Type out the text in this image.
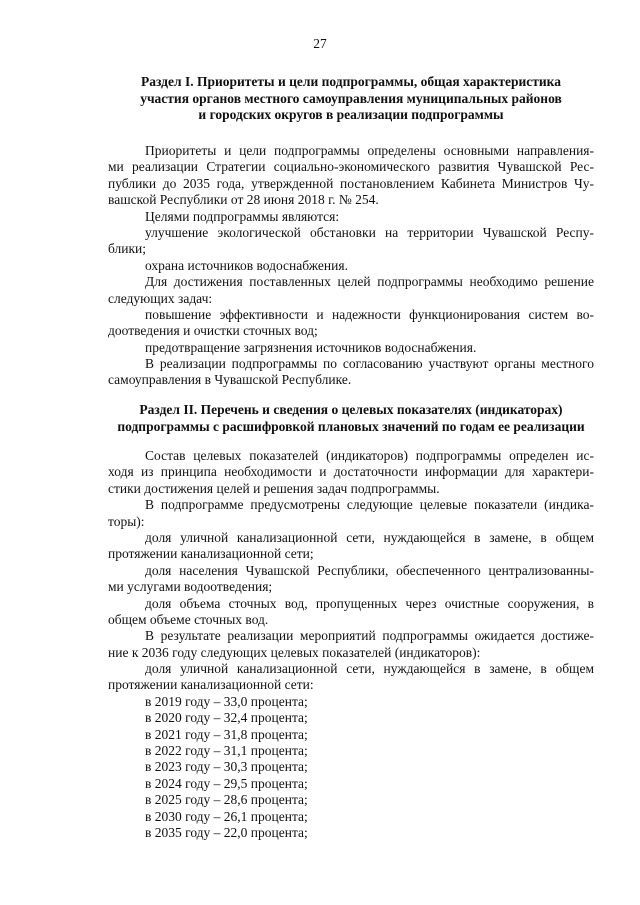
27
Раздел I. Приоритеты и цели подпрограммы, общая характеристика
участия органов местного самоуправления муниципальных районов
и городских округов в реализации подпрограммы
Приоритеты и цели подпрограммы определены основными направления-
ми реализации Стратегии социально-экономического развития Чувашской Рес-
публики до 2035 года, утвержденной постановлением Кабинета Министров Чу-
вашской Республики от 28 июня 2018 г. № 254.
Целями подпрограммы являются:
улучшение экологической обстановки на территории Чувашской Респу-
блики;
охрана источников водоснабжения.
Для достижения поставленных целей подпрограммы необходимо решение
следующих задач:
повышение эффективности и надежности функционирования систем во-
доотведения и очистки сточных вод;
предотвращение загрязнения источников водоснабжения.
В реализации подпрограммы по согласованию участвуют органы местного
самоуправления в Чувашской Республике.
Раздел II. Перечень и сведения о целевых показателях (индикаторах)
подпрограммы с расшифровкой плановых значений по годам ее реализации
Состав целевых показателей (индикаторов) подпрограммы определен ис-
ходя из принципа необходимости и достаточности информации для характери-
стики достижения целей и решения задач подпрограммы.
В подпрограмме предусмотрены следующие целевые показатели (индика-
торы):
доля уличной канализационной сети, нуждающейся в замене, в общем
протяжении канализационной сети;
доля населения Чувашской Республики, обеспеченного централизованны-
ми услугами водоотведения;
доля объема сточных вод, пропущенных через очистные сооружения, в
общем объеме сточных вод.
В результате реализации мероприятий подпрограммы ожидается достиже-
ние к 2036 году следующих целевых показателей (индикаторов):
доля уличной канализационной сети, нуждающейся в замене, в общем
протяжении канализационной сети:
в 2019 году – 33,0 процента;
в 2020 году – 32,4 процента;
в 2021 году – 31,8 процента;
в 2022 году – 31,1 процента;
в 2023 году – 30,3 процента;
в 2024 году – 29,5 процента;
в 2025 году – 28,6 процента;
в 2030 году – 26,1 процента;
в 2035 году – 22,0 процента;
